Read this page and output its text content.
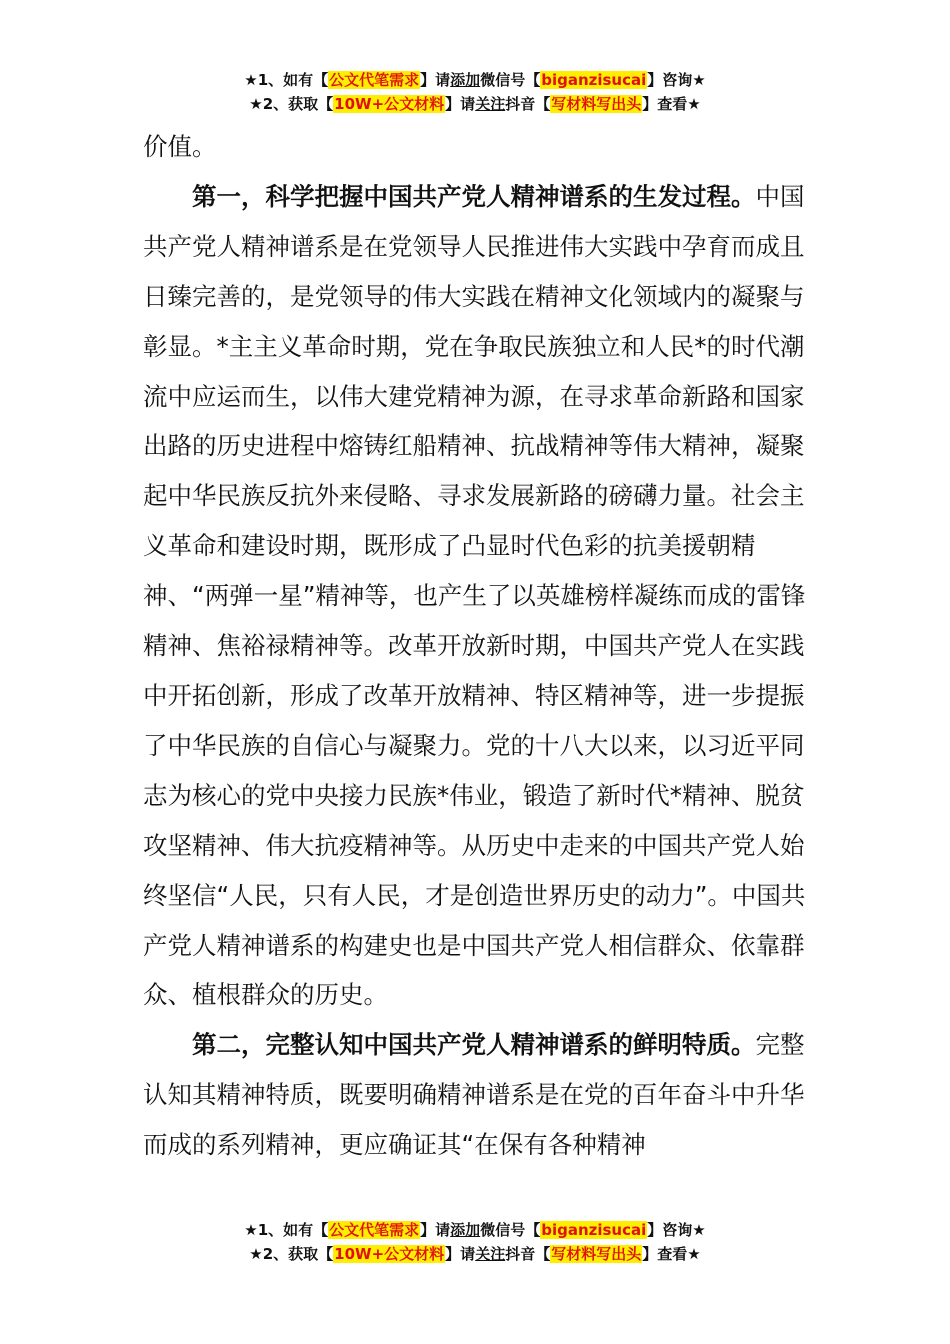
★1、如有【公文代笔需求】请添加微信号【biganzisucai】咨询★
★2、获取【10W+公文材料】请关注抖音【写材料写出头】查看★

价值。

第一，科学把握中国共产党人精神谱系的生发过程。中国共产党人精神谱系是在党领导人民推进伟大实践中孕育而成且日臻完善的，是党领导的伟大实践在精神文化领域内的凝聚与彰显。*主主义革命时期，党在争取民族独立和人民*的时代潮流中应运而生，以伟大建党精神为源，在寻求革命新路和国家出路的历史进程中熔铸红船精神、抗战精神等伟大精神，凝聚起中华民族反抗外来侵略、寻求发展新路的磅礴力量。社会主义革命和建设时期，既形成了凸显时代色彩的抗美援朝精神、“两弹一星”精神等，也产生了以英雄榜样凝练而成的雷锋精神、焦裕禄精神等。改革开放新时期，中国共产党人在实践中开拓创新，形成了改革开放精神、特区精神等，进一步提振了中华民族的自信心与凝聚力。党的十八大以来，以习近平同志为核心的党中央接力民族*伟业，锻造了新时代*精神、脱贫攻坚精神、伟大抗疫精神等。从历史中走来的中国共产党人始终坚信“人民，只有人民，才是创造世界历史的动力”。中国共产党人精神谱系的构建史也是中国共产党人相信群众、依靠群众、植根群众的历史。

第二，完整认知中国共产党人精神谱系的鲜明特质。完整认知其精神特质，既要明确精神谱系是在党的百年奋斗中升华而成的系列精神，更应确证其“在保有各种精神

★1、如有【公文代笔需求】请添加微信号【biganzisucai】咨询★
★2、获取【10W+公文材料】请关注抖音【写材料写出头】查看★
